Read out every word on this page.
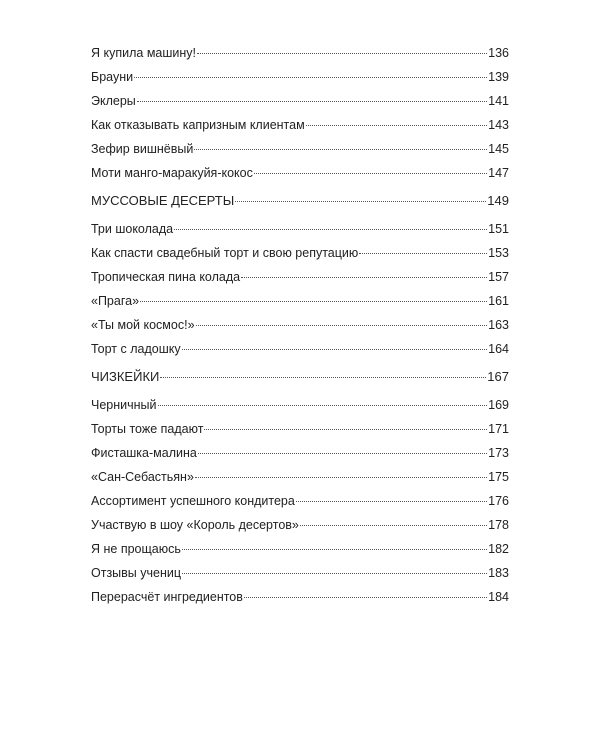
Я купила машину!	136
Брауни	139
Эклеры	141
Как отказывать капризным клиентам	143
Зефир вишнёвый	145
Моти манго-маракуйя-кокос	147
МУССОВЫЕ ДЕСЕРТЫ	149
Три шоколада	151
Как спасти свадебный торт и свою репутацию	153
Тропическая пина колада	157
«Прага»	161
«Ты мой космос!»	163
Торт с ладошку	164
ЧИЗКЕЙКИ	167
Черничный	169
Торты тоже падают	171
Фисташка-малина	173
«Сан-Себастьян»	175
Ассортимент успешного кондитера	176
Участвую в шоу «Король десертов»	178
Я не прощаюсь	182
Отзывы учениц	183
Перерасчёт ингредиентов	184
